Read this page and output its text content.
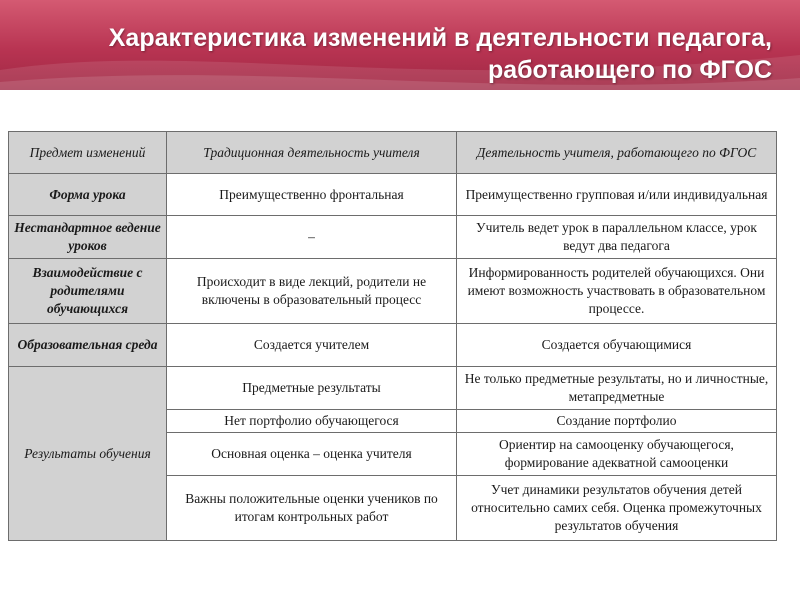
Характеристика изменений в деятельности педагога,
работающего по ФГОС
Предмет изменений	Традиционная деятельность учителя	Деятельность учителя, работающего по ФГОС
Форма урока	Преимущественно фронтальная	Преимущественно групповая и/или индивидуальная
Нестандартное ведение уроков	–	Учитель ведет урок в параллельном классе, урок ведут два педагога
Взаимодействие с родителями обучающихся	Происходит в виде лекций, родители не включены в образовательный процесс	Информированность родителей обучающихся. Они имеют возможность участвовать в образовательном процессе.
Образовательная среда	Создается учителем	Создается обучающимися
Результаты обучения	Предметные результаты	Не только предметные результаты, но и личностные, метапредметные
	Нет портфолио обучающегося	Создание портфолио
	Основная оценка – оценка учителя	Ориентир на самооценку обучающегося, формирование адекватной самооценки
	Важны положительные оценки учеников по итогам контрольных работ	Учет динамики результатов обучения детей относительно самих себя. Оценка промежуточных результатов обучения
